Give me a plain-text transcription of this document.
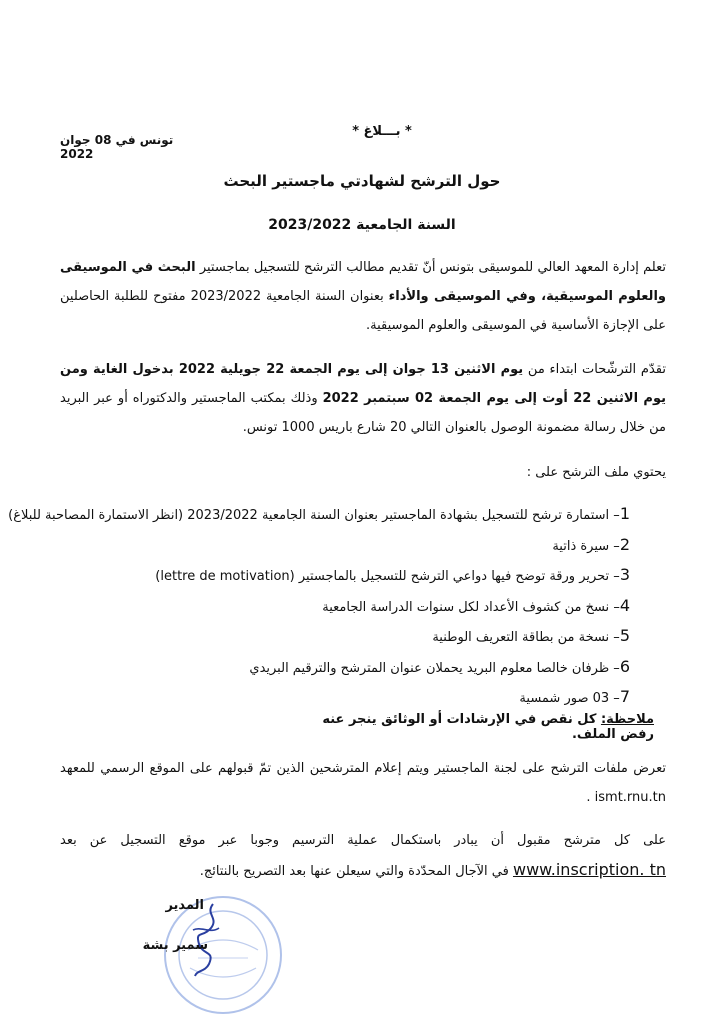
تونس في 08 جوان 2022
* بـــلاغ *
حول الترشح لشهادتي ماجستير البحث
السنة الجامعية 2023/2022
تعلم إدارة المعهد العالي للموسيقى بتونس أنّ تقديم مطالب الترشح للتسجيل بماجستير البحث في الموسيقى والعلوم الموسيقية، وفي الموسيقى والأداء بعنوان السنة الجامعية 2023/2022 مفتوح للطلبة الحاصلين على الإجازة الأساسية في الموسيقى والعلوم الموسيقية.
تقدّم الترشّحات ابتداء من يوم الاثنين 13 جوان إلى يوم الجمعة 22 جويلية 2022 بدخول الغاية ومن يوم الاثنين 22 أوت إلى يوم الجمعة 02 سبتمبر 2022 وذلك بمكتب الماجستير والدكتوراه أو عبر البريد من خلال رسالة مضمونة الوصول بالعنوان التالي 20 شارع باريس 1000 تونس.
يحتوي ملف الترشح على :
1– استمارة ترشح للتسجيل بشهادة الماجستير بعنوان السنة الجامعية 2023/2022 (انظر الاستمارة المصاحبة للبلاغ)
2– سيرة ذاتية
3– تحرير ورقة توضح فيها دواعي الترشح للتسجيل بالماجستير (lettre de motivation)
4– نسخ من كشوف الأعداد لكل سنوات الدراسة الجامعية
5– نسخة من بطاقة التعريف الوطنية
6– ظرفان خالصا معلوم البريد يحملان عنوان المترشح والترقيم البريدي
7– 03 صور شمسية
ملاحظة: كل نقص في الإرشادات أو الوثائق ينجر عنه رفض الملف.
تعرض ملفات الترشح على لجنة الماجستير ويتم إعلام المترشحين الذين تمّ قبولهم على الموقع الرسمي للمعهد ismt.rnu.tn .
على كل مترشح مقبول أن يبادر باستكمال عملية الترسيم وجوبا عبر موقع التسجيل عن بعد www.inscription. tn في الآجال المحدّدة والتي سيعلن عنها بعد التصريح بالنتائج.
المدير
سمير بشة
